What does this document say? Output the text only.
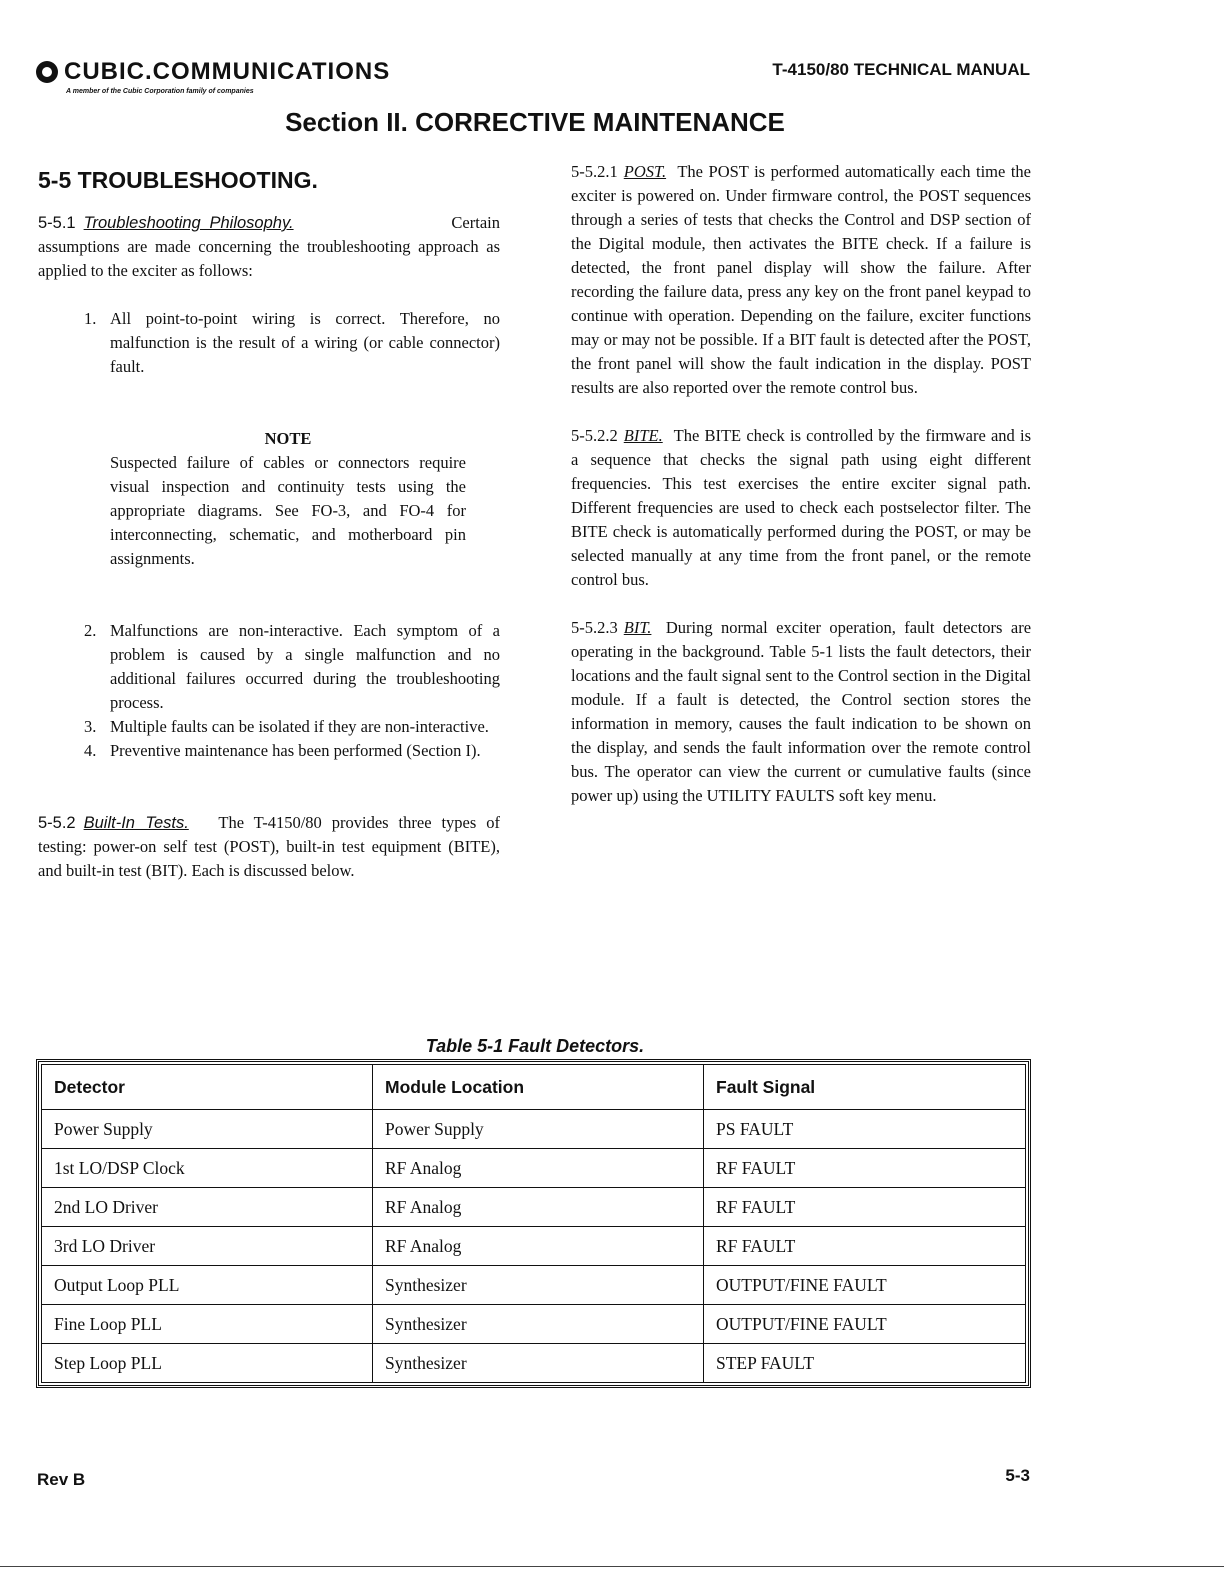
CUBIC.COMMUNICATIONS
A member of the Cubic Corporation family of companies
T-4150/80 TECHNICAL MANUAL
Section II. CORRECTIVE MAINTENANCE
5-5 TROUBLESHOOTING.

5-5.1 Troubleshooting Philosophy.	Certain assumptions are made concerning the troubleshooting approach as applied to the exciter as follows:

1. All point-to-point wiring is correct. Therefore, no malfunction is the result of a wiring (or cable connector) fault.
NOTE
Suspected failure of cables or connectors require visual inspection and continuity tests using the appropriate diagrams. See FO-3, and FO-4 for interconnecting, schematic, and motherboard pin assignments.
2. Malfunctions are non-interactive. Each symptom of a problem is caused by a single malfunction and no additional failures occurred during the troubleshooting process.
3. Multiple faults can be isolated if they are non-interactive.
4. Preventive maintenance has been performed (Section I).

5-5.2 Built-In Tests. The T-4150/80 provides three types of testing: power-on self test (POST), built-in test equipment (BITE), and built-in test (BIT). Each is discussed below.

5-5.2.1 POST. The POST is performed automatically each time the exciter is powered on. Under firmware control, the POST sequences through a series of tests that checks the Control and DSP section of the Digital module, then activates the BITE check. If a failure is detected, the front panel display will show the failure. After recording the failure data, press any key on the front panel keypad to continue with operation. Depending on the failure, exciter functions may or may not be possible. If a BIT fault is detected after the POST, the front panel will show the fault indication in the display. POST results are also reported over the remote control bus.

5-5.2.2 BITE. The BITE check is controlled by the firmware and is a sequence that checks the signal path using eight different frequencies. This test exercises the entire exciter signal path. Different frequencies are used to check each postselector filter. The BITE check is automatically performed during the POST, or may be selected manually at any time from the front panel, or the remote control bus.

5-5.2.3 BIT. During normal exciter operation, fault detectors are operating in the background. Table 5-1 lists the fault detectors, their locations and the fault signal sent to the Control section in the Digital module. If a fault is detected, the Control section stores the information in memory, causes the fault indication to be shown on the display, and sends the fault information over the remote control bus. The operator can view the current or cumulative faults (since power up) using the UTILITY FAULTS soft key menu.

Table 5-1 Fault Detectors.
Detector	Module Location	Fault Signal
Power Supply	Power Supply	PS FAULT
1st LO/DSP Clock	RF Analog	RF FAULT
2nd LO Driver	RF Analog	RF FAULT
3rd LO Driver	RF Analog	RF FAULT
Output Loop PLL	Synthesizer	OUTPUT/FINE FAULT
Fine Loop PLL	Synthesizer	OUTPUT/FINE FAULT
Step Loop PLL	Synthesizer	STEP FAULT
Rev B	5-3
